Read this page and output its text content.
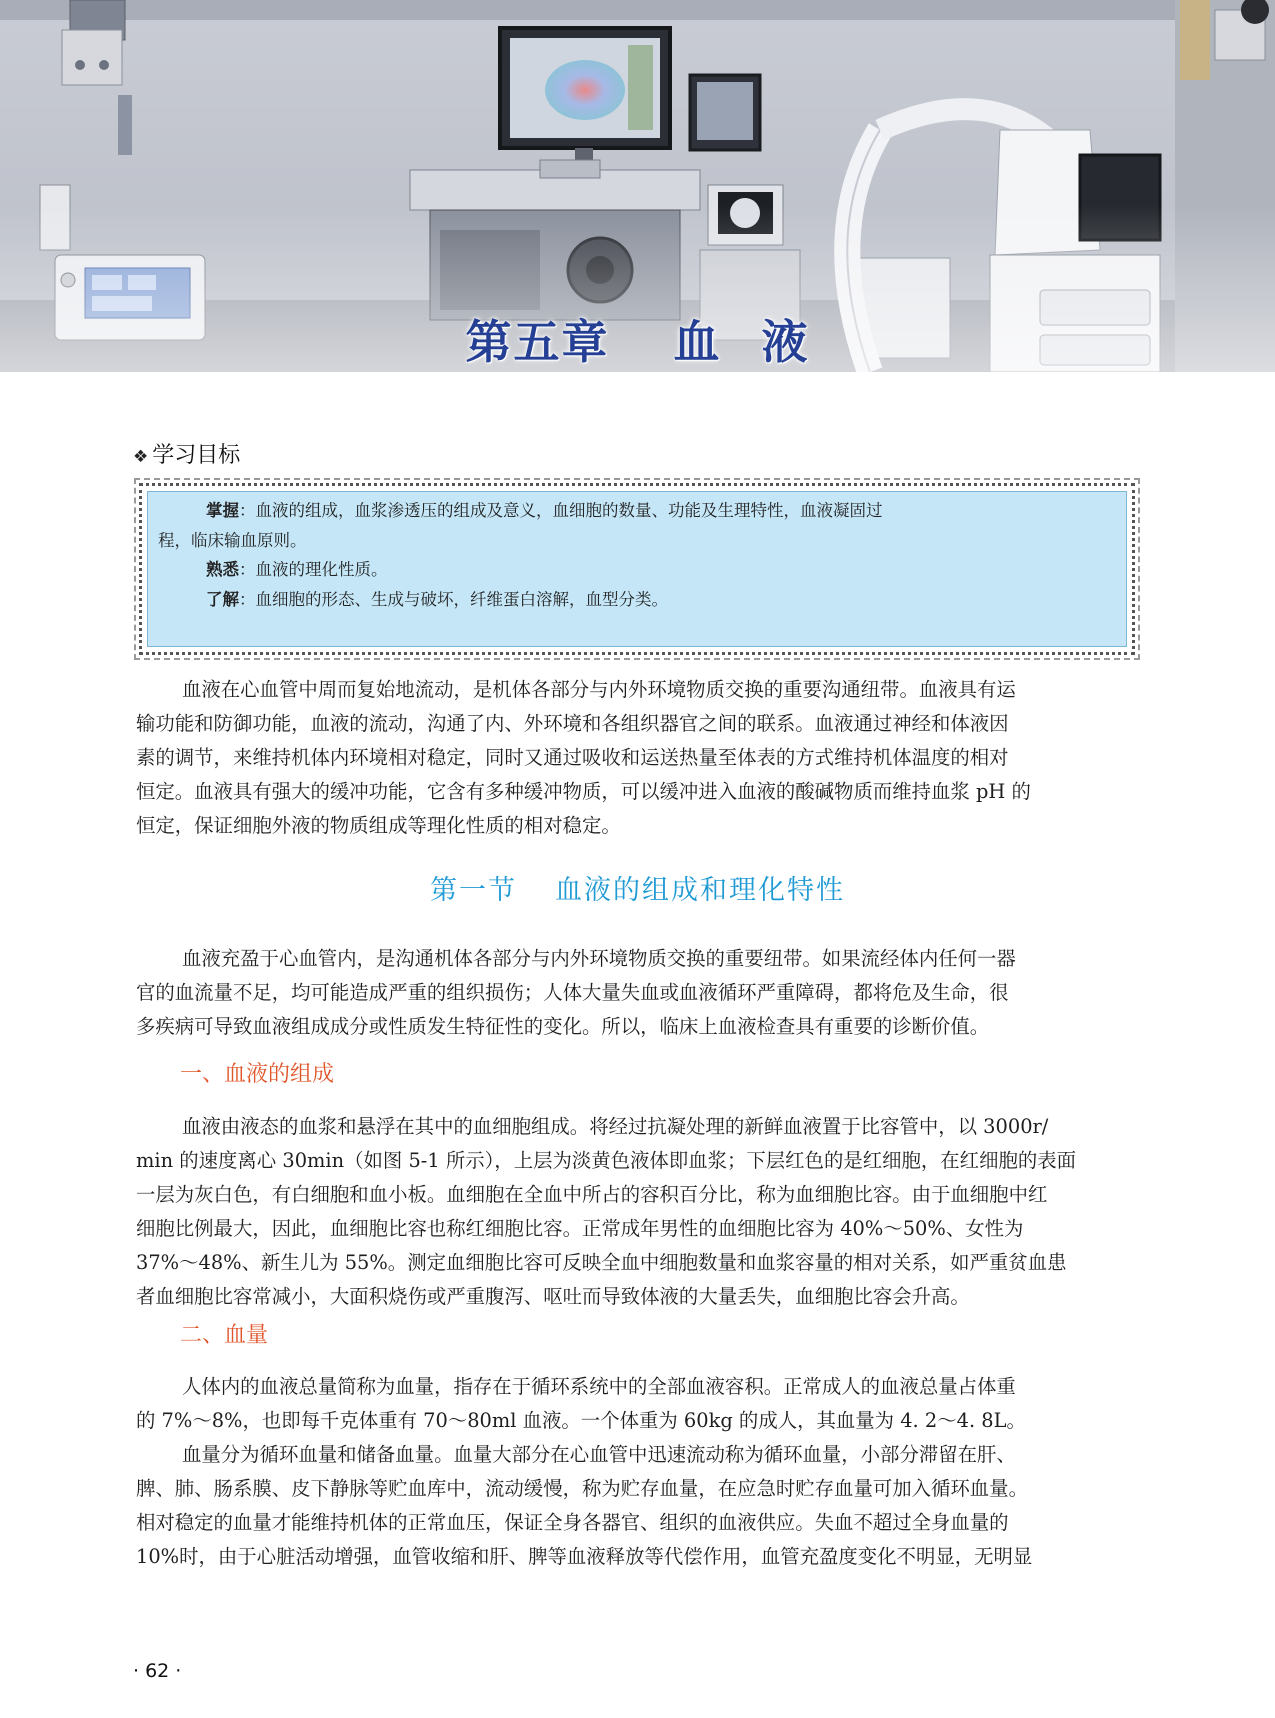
第五章 血 液
❖ 学习目标

掌握：血液的组成，血浆渗透压的组成及意义，血细胞的数量、功能及生理特性，血液凝固过

程，临床输血原则。

熟悉：血液的理化性质。

了解：血细胞的形态、生成与破坏，纤维蛋白溶解，血型分类。

血液在心血管中周而复始地流动，是机体各部分与内外环境物质交换的重要沟通纽带。血液具有运
输功能和防御功能，血液的流动，沟通了内、外环境和各组织器官之间的联系。血液通过神经和体液因
素的调节，来维持机体内环境相对稳定，同时又通过吸收和运送热量至体表的方式维持机体温度的相对
恒定。血液具有强大的缓冲功能，它含有多种缓冲物质，可以缓冲进入血液的酸碱物质而维持血浆 pH 的
恒定，保证细胞外液的物质组成等理化性质的相对稳定。
第一节 血液的组成和理化特性
血液充盈于心血管内，是沟通机体各部分与内外环境物质交换的重要纽带。如果流经体内任何一器
官的血流量不足，均可能造成严重的组织损伤；人体大量失血或血液循环严重障碍，都将危及生命，很
多疾病可导致血液组成成分或性质发生特征性的变化。所以，临床上血液检查具有重要的诊断价值。
一、血液的组成
血液由液态的血浆和悬浮在其中的血细胞组成。将经过抗凝处理的新鲜血液置于比容管中，以 3000r/
min 的速度离心 30min（如图 5-1 所示），上层为淡黄色液体即血浆；下层红色的是红细胞，在红细胞的表面
一层为灰白色，有白细胞和血小板。血细胞在全血中所占的容积百分比，称为血细胞比容。由于血细胞中红
细胞比例最大，因此，血细胞比容也称红细胞比容。正常成年男性的血细胞比容为 40%～50%、女性为
37%～48%、新生儿为 55%。测定血细胞比容可反映全血中细胞数量和血浆容量的相对关系，如严重贫血患
者血细胞比容常减小，大面积烧伤或严重腹泻、呕吐而导致体液的大量丢失，血细胞比容会升高。
二、血量
人体内的血液总量简称为血量，指存在于循环系统中的全部血液容积。正常成人的血液总量占体重
的 7%～8%，也即每千克体重有 70～80ml 血液。一个体重为 60kg 的成人，其血量为 4. 2～4. 8L。
血量分为循环血量和储备血量。血量大部分在心血管中迅速流动称为循环血量，小部分滞留在肝、
脾、肺、肠系膜、皮下静脉等贮血库中，流动缓慢，称为贮存血量，在应急时贮存血量可加入循环血量。
相对稳定的血量才能维持机体的正常血压，保证全身各器官、组织的血液供应。失血不超过全身血量的
10%时，由于心脏活动增强，血管收缩和肝、脾等血液释放等代偿作用，血管充盈度变化不明显，无明显
· 62 ·
